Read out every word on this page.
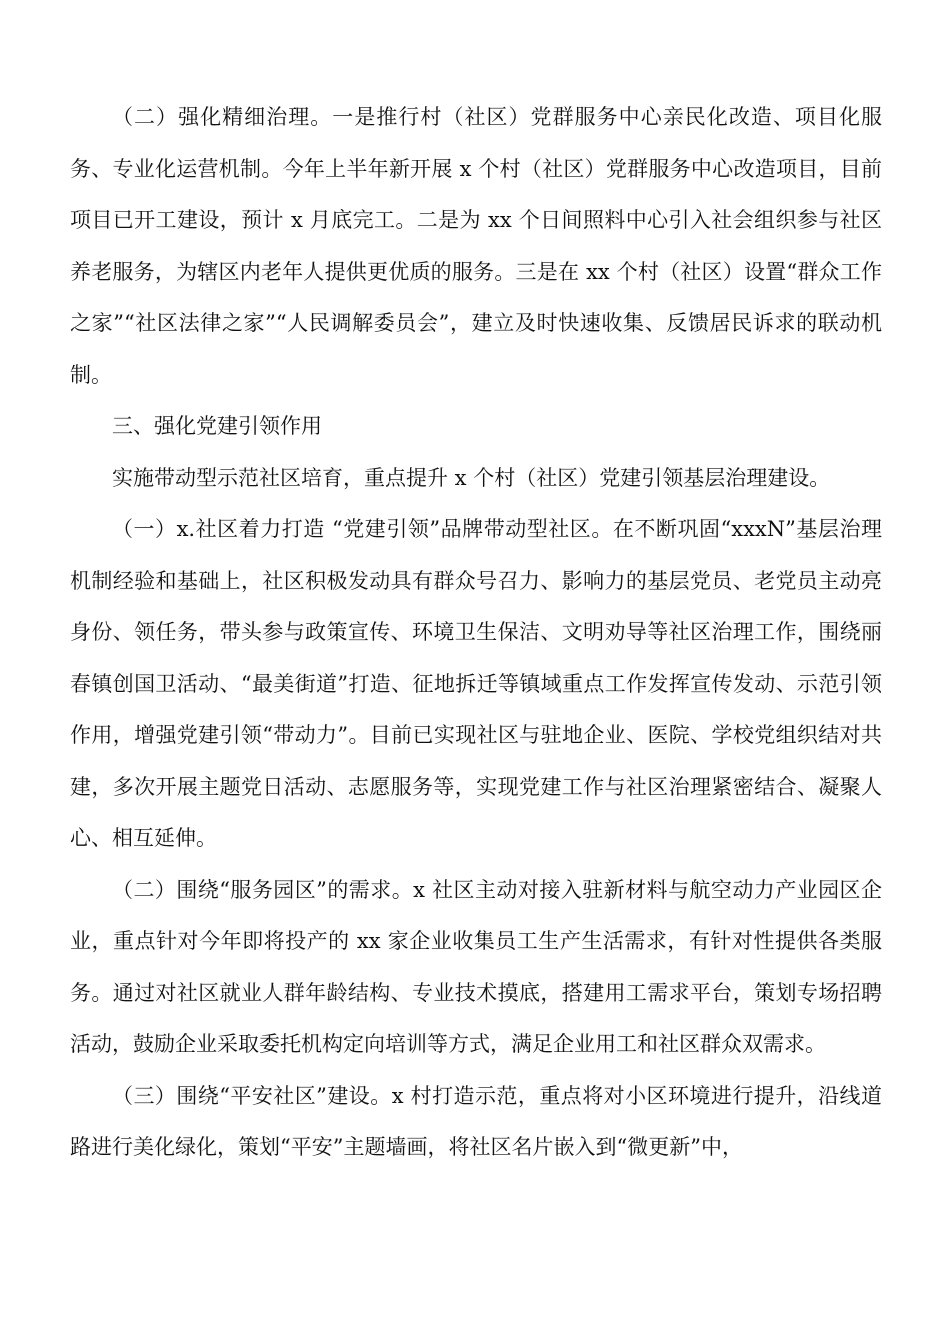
（二）强化精细治理。一是推行村（社区）党群服务中心亲民化改造、项目化服务、专业化运营机制。今年上半年新开展 x 个村（社区）党群服务中心改造项目，目前项目已开工建设，预计 x 月底完工。二是为 xx 个日间照料中心引入社会组织参与社区养老服务，为辖区内老年人提供更优质的服务。三是在 xx 个村（社区）设置“群众工作之家”“社区法律之家”“人民调解委员会”，建立及时快速收集、反馈居民诉求的联动机制。

三、强化党建引领作用

实施带动型示范社区培育，重点提升 x 个村（社区）党建引领基层治理建设。

（一）x.社区着力打造 “党建引领”品牌带动型社区。在不断巩固“xxxN”基层治理机制经验和基础上，社区积极发动具有群众号召力、影响力的基层党员、老党员主动亮身份、领任务，带头参与政策宣传、环境卫生保洁、文明劝导等社区治理工作，围绕丽春镇创国卫活动、“最美街道”打造、征地拆迁等镇域重点工作发挥宣传发动、示范引领作用，增强党建引领“带动力”。目前已实现社区与驻地企业、医院、学校党组织结对共建，多次开展主题党日活动、志愿服务等，实现党建工作与社区治理紧密结合、凝聚人心、相互延伸。

（二）围绕“服务园区”的需求。x 社区主动对接入驻新材料与航空动力产业园区企业，重点针对今年即将投产的 xx 家企业收集员工生产生活需求，有针对性提供各类服务。通过对社区就业人群年龄结构、专业技术摸底，搭建用工需求平台，策划专场招聘活动，鼓励企业采取委托机构定向培训等方式，满足企业用工和社区群众双需求。

（三）围绕“平安社区”建设。x 村打造示范，重点将对小区环境进行提升，沿线道路进行美化绿化，策划“平安”主题墙画，将社区名片嵌入到“微更新”中，
